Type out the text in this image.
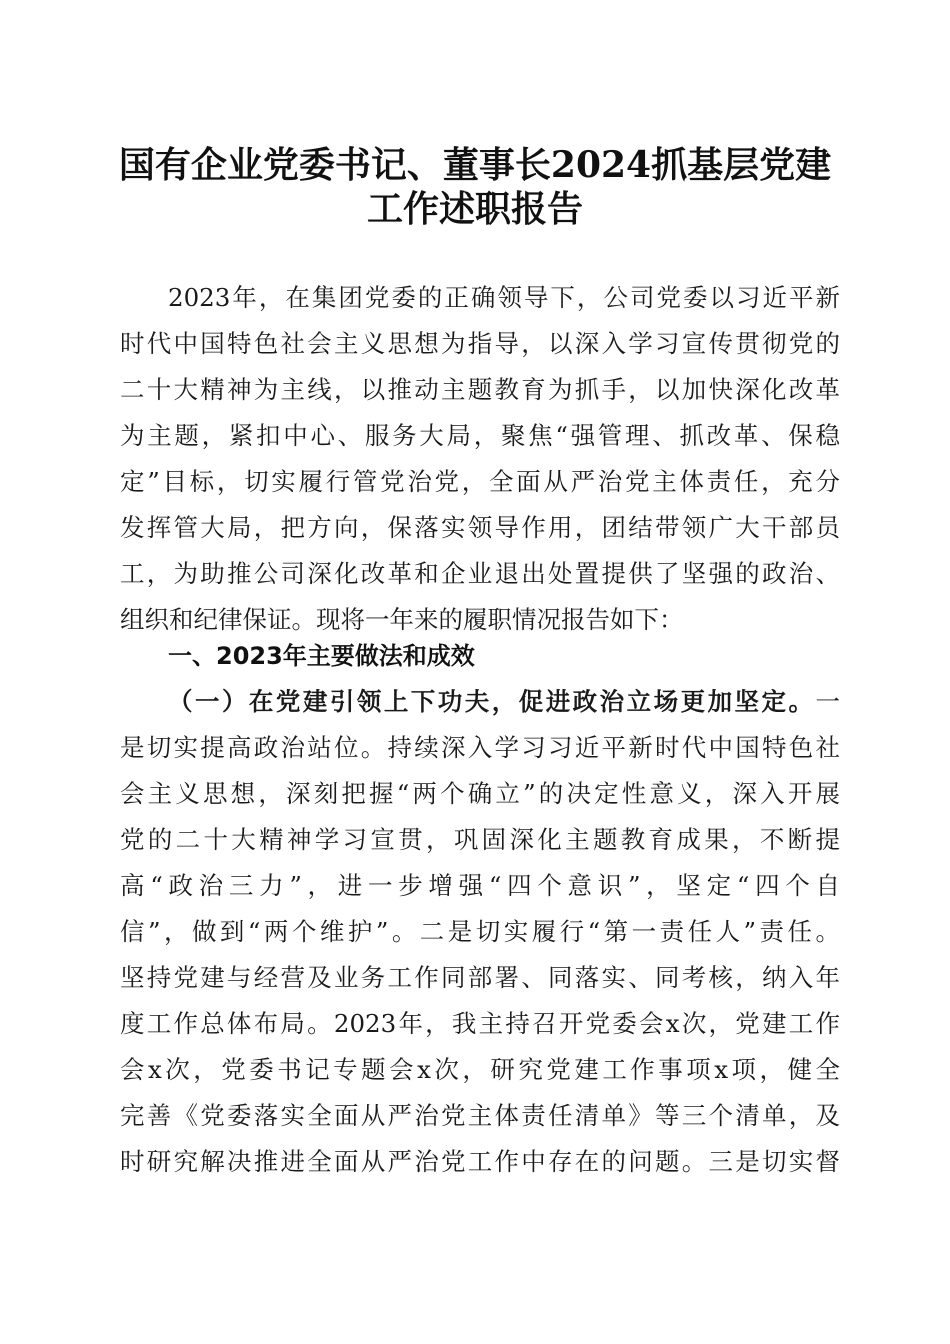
国有企业党委书记、董事长2024抓基层党建
工作述职报告
2023年，在集团党委的正确领导下，公司党委以习近平新
时代中国特色社会主义思想为指导，以深入学习宣传贯彻党的
二十大精神为主线，以推动主题教育为抓手，以加快深化改革
为主题，紧扣中心、服务大局，聚焦“强管理、抓改革、保稳
定”目标，切实履行管党治党，全面从严治党主体责任，充分
发挥管大局，把方向，保落实领导作用，团结带领广大干部员
工，为助推公司深化改革和企业退出处置提供了坚强的政治、
组织和纪律保证。现将一年来的履职情况报告如下：
一、2023年主要做法和成效
（一）在党建引领上下功夫，促进政治立场更加坚定。一
是切实提高政治站位。持续深入学习习近平新时代中国特色社
会主义思想，深刻把握“两个确立”的决定性意义，深入开展
党的二十大精神学习宣贯，巩固深化主题教育成果，不断提
高“政治三力”，进一步增强“四个意识”，坚定“四个自
信”，做到“两个维护”。二是切实履行“第一责任人”责任。
坚持党建与经营及业务工作同部署、同落实、同考核，纳入年
度工作总体布局。2023年，我主持召开党委会x次，党建工作
会x次，党委书记专题会x次，研究党建工作事项x项，健全
完善《党委落实全面从严治党主体责任清单》等三个清单，及
时研究解决推进全面从严治党工作中存在的问题。三是切实督
